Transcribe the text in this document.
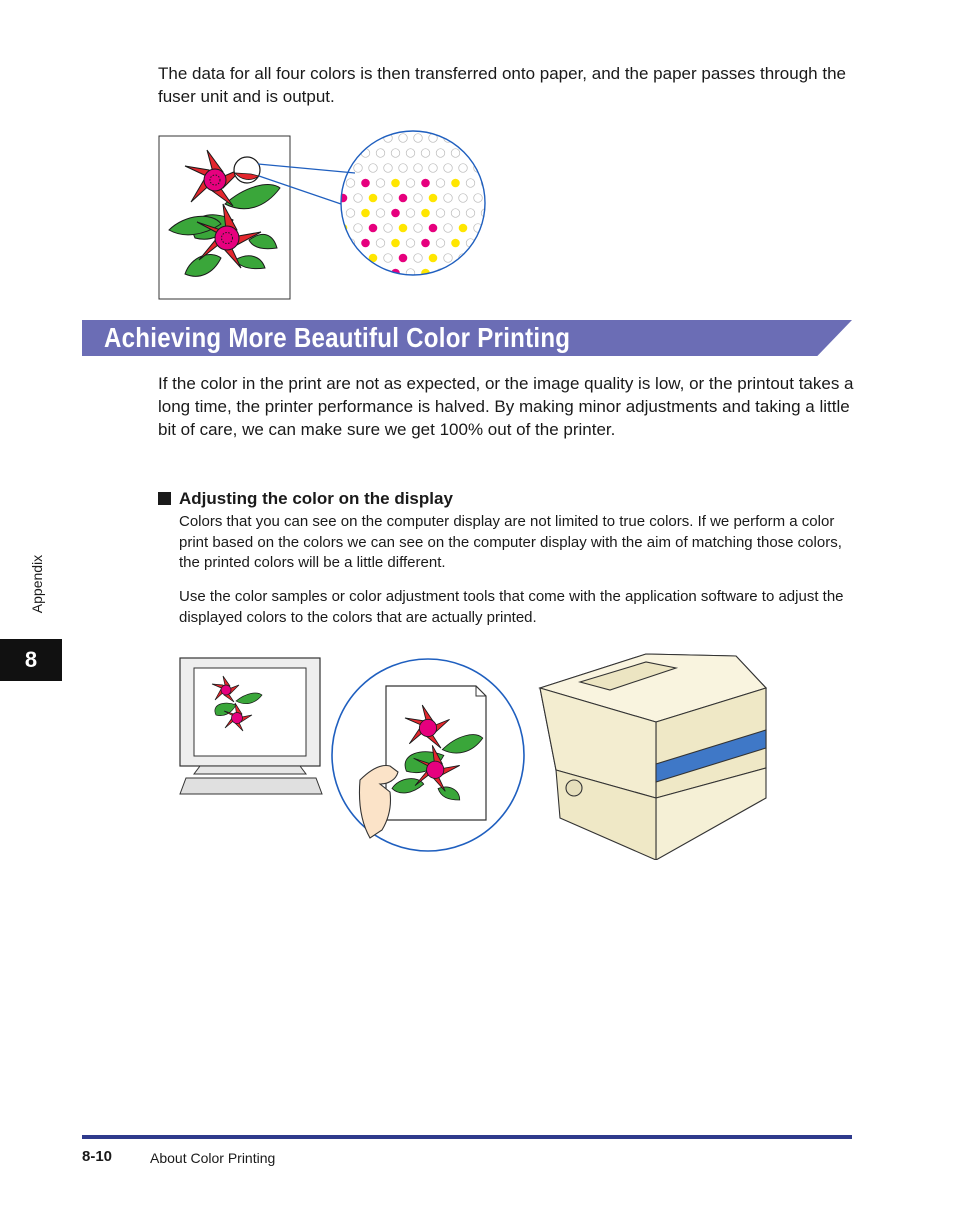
The data for all four colors is then transferred onto paper, and the paper passes through the fuser unit and is output.
Achieving More Beautiful Color Printing
If the color in the print are not as expected, or the image quality is low, or the printout takes a long time, the printer performance is halved. By making minor adjustments and taking a little bit of care, we can make sure we get 100% out of the printer.
Adjusting the color on the display
Colors that you can see on the computer display are not limited to true colors. If we perform a color print based on the colors we can see on the computer display with the aim of matching those colors, the printed colors will be a little different.
Use the color samples or color adjustment tools that come with the application software to adjust the displayed colors to the colors that are actually printed.
Appendix
8
8-10	About Color Printing
